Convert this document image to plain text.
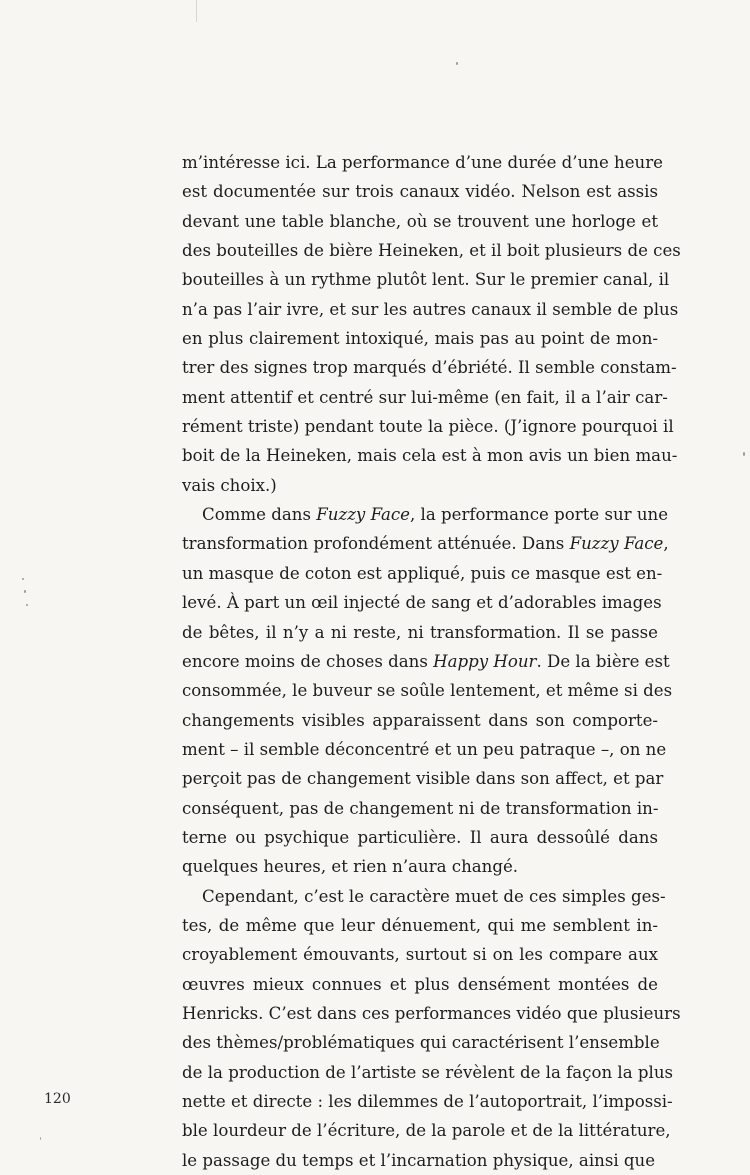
m’intéresse ici. La performance d’une durée d’une heure
est documentée sur trois canaux vidéo. Nelson est assis
devant une table blanche, où se trouvent une horloge et
des bouteilles de bière Heineken, et il boit plusieurs de ces
bouteilles à un rythme plutôt lent. Sur le premier canal, il
n’a pas l’air ivre, et sur les autres canaux il semble de plus
en plus clairement intoxiqué, mais pas au point de mon-
trer des signes trop marqués d’ébriété. Il semble constam-
ment attentif et centré sur lui-même (en fait, il a l’air car-
rément triste) pendant toute la pièce. (J’ignore pourquoi il
boit de la Heineken, mais cela est à mon avis un bien mau-
vais choix.)

Comme dans Fuzzy Face, la performance porte sur une
transformation profondément atténuée. Dans Fuzzy Face,
un masque de coton est appliqué, puis ce masque est en-
levé. À part un œil injecté de sang et d’adorables images
de bêtes, il n’y a ni reste, ni transformation. Il se passe
encore moins de choses dans Happy Hour. De la bière est
consommée, le buveur se soûle lentement, et même si des
changements visibles apparaissent dans son comporte-
ment – il semble déconcentré et un peu patraque –, on ne
perçoit pas de changement visible dans son affect, et par
conséquent, pas de changement ni de transformation in-
terne ou psychique particulière. Il aura dessoûlé dans
quelques heures, et rien n’aura changé.

Cependant, c’est le caractère muet de ces simples ges-
tes, de même que leur dénuement, qui me semblent in-
croyablement émouvants, surtout si on les compare aux
œuvres mieux connues et plus densément montées de
Henricks. C’est dans ces performances vidéo que plusieurs
des thèmes/problématiques qui caractérisent l’ensemble
de la production de l’artiste se révèlent de la façon la plus
nette et directe : les dilemmes de l’autoportrait, l’impossi-
ble lourdeur de l’écriture, de la parole et de la littérature,
le passage du temps et l’incarnation physique, ainsi que

120
